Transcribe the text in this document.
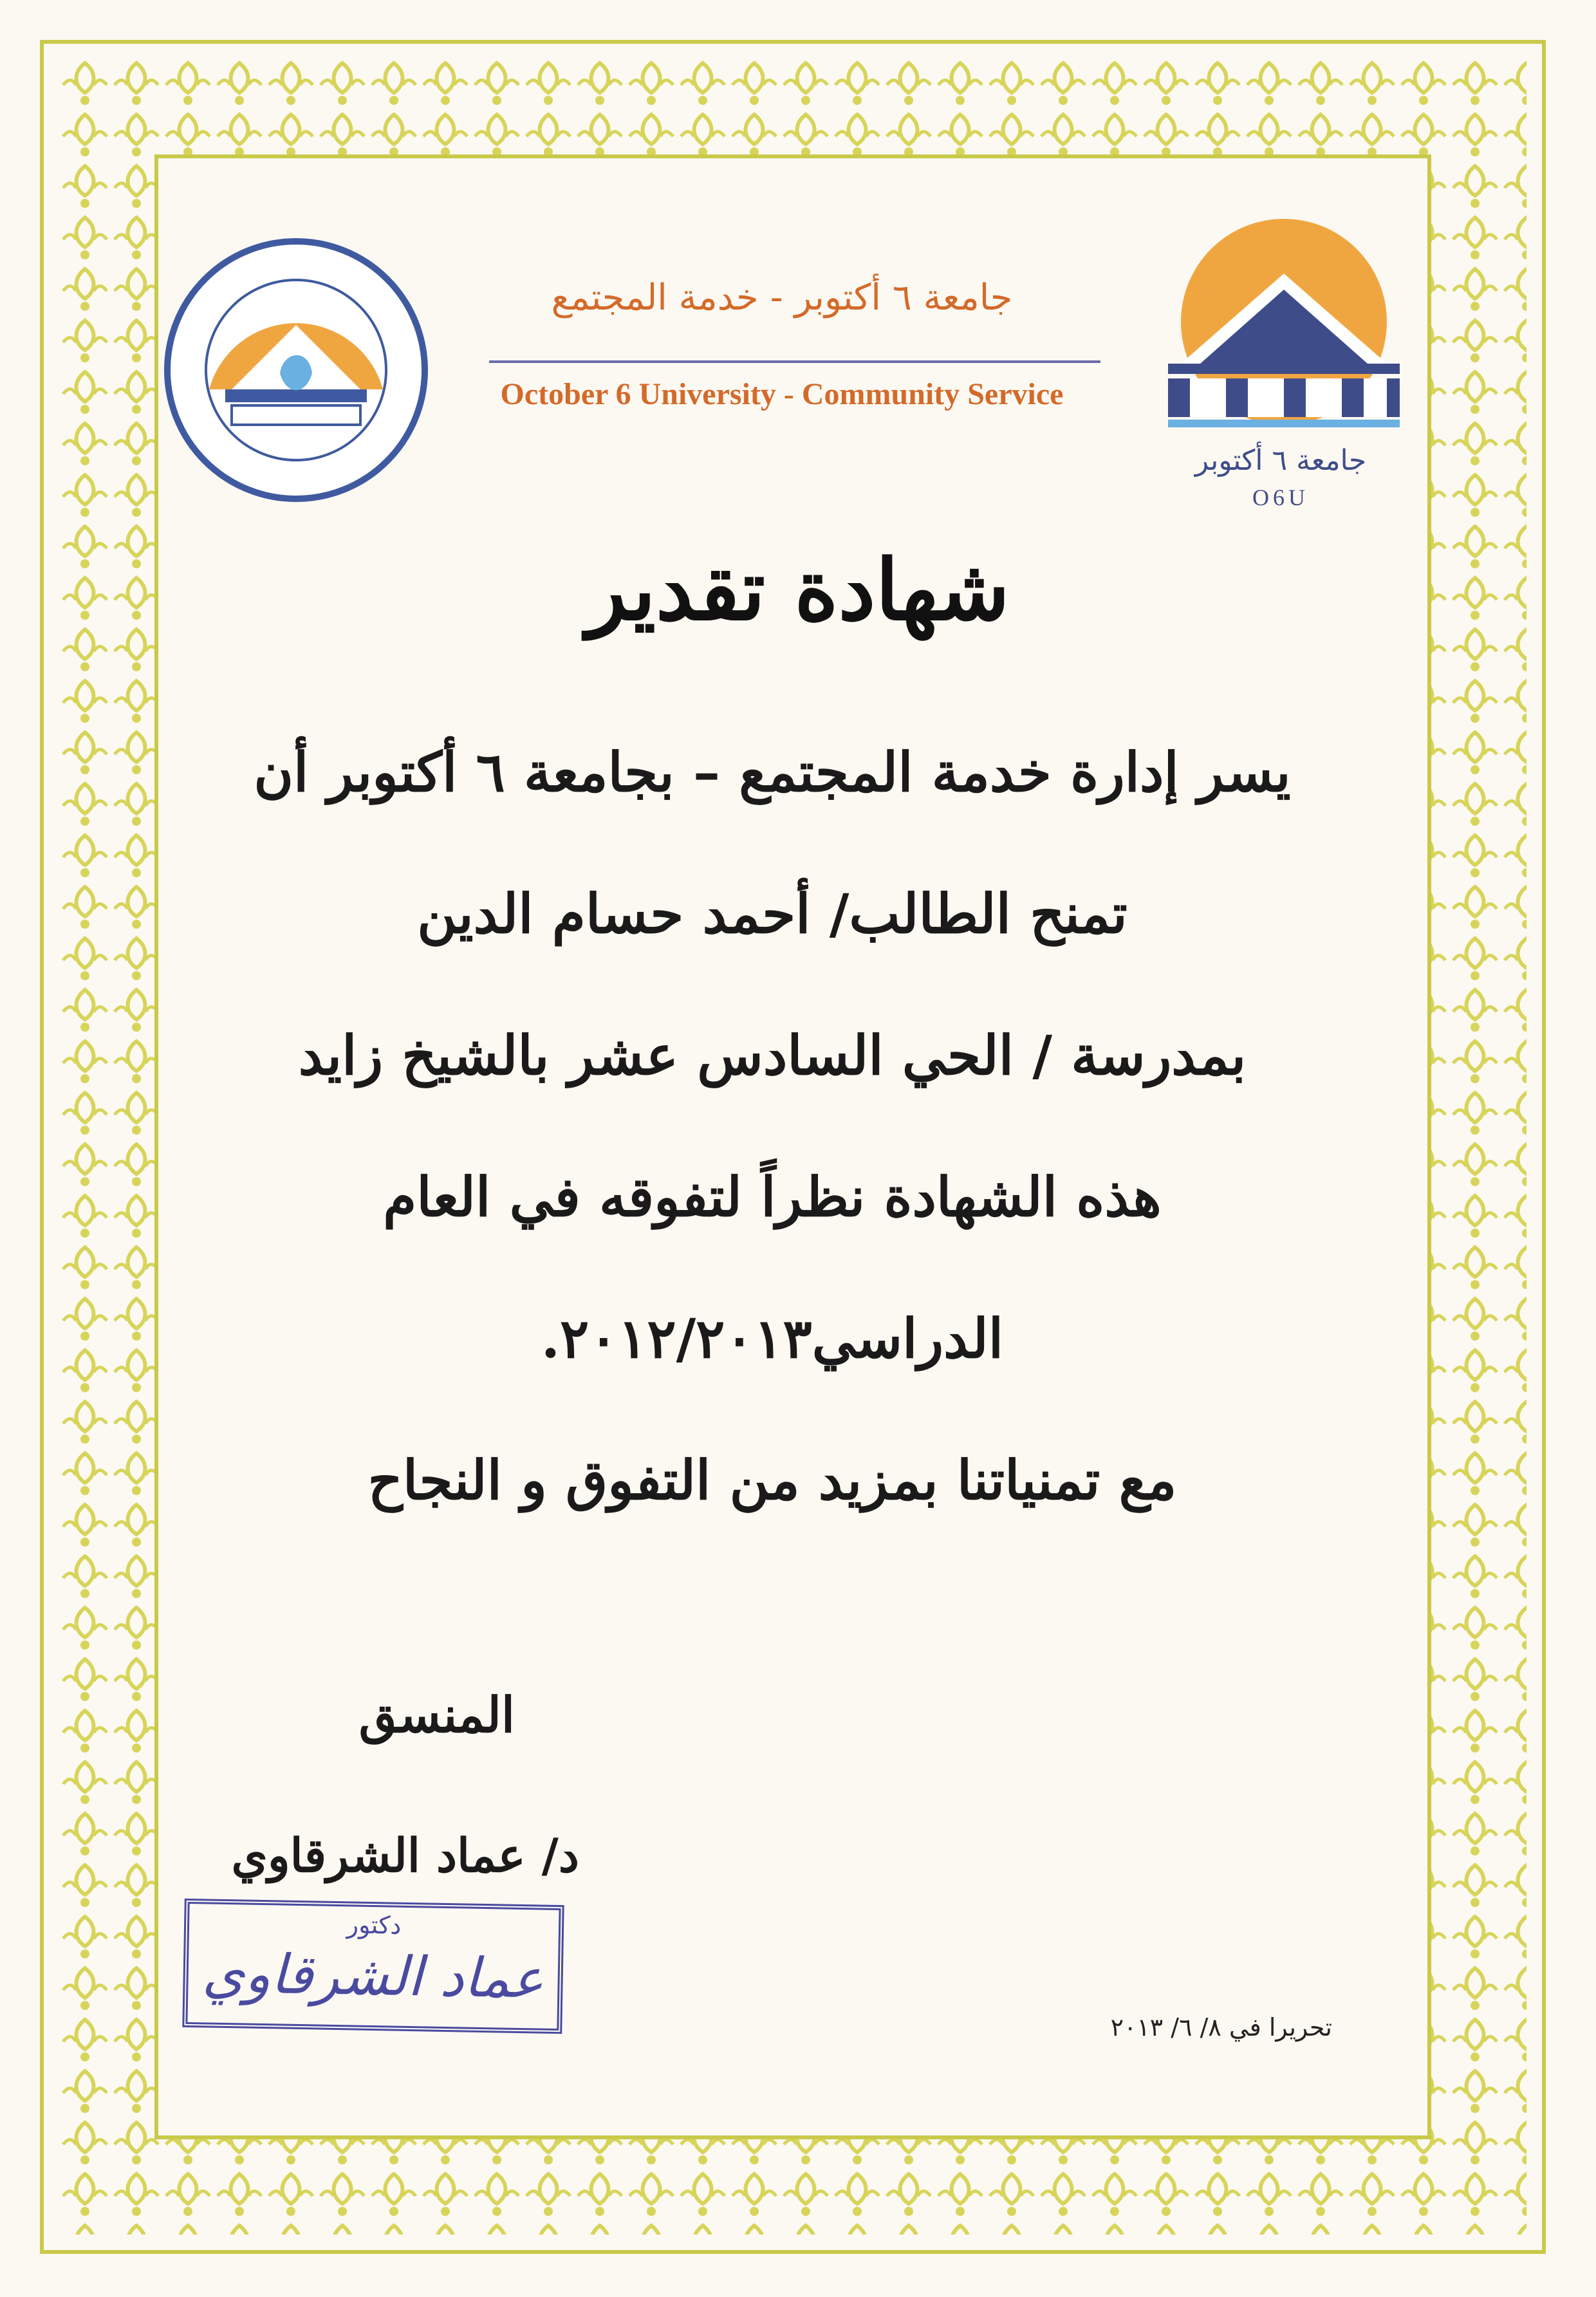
جامعة ٦ أكتوبر - خدمة المجتمع
October 6 University - Community Service
جامعة ٦ أكتوبر
O6U
شهادة تقدير
يسر إدارة خدمة المجتمع – بجامعة ٦ أكتوبر أن
تمنح الطالب/ أحمد حسام الدين
بمدرسة / الحي السادس عشر بالشيخ زايد
هذه الشهادة نظراً لتفوقه في العام
الدراسي٢٠١٢/٢٠١٣.
مع تمنياتنا بمزيد من التفوق و النجاح
المنسق
د/ عماد الشرقاوي
دكتور
عماد الشرقاوي
تحريرا في ٨/ ٦/ ٢٠١٣
